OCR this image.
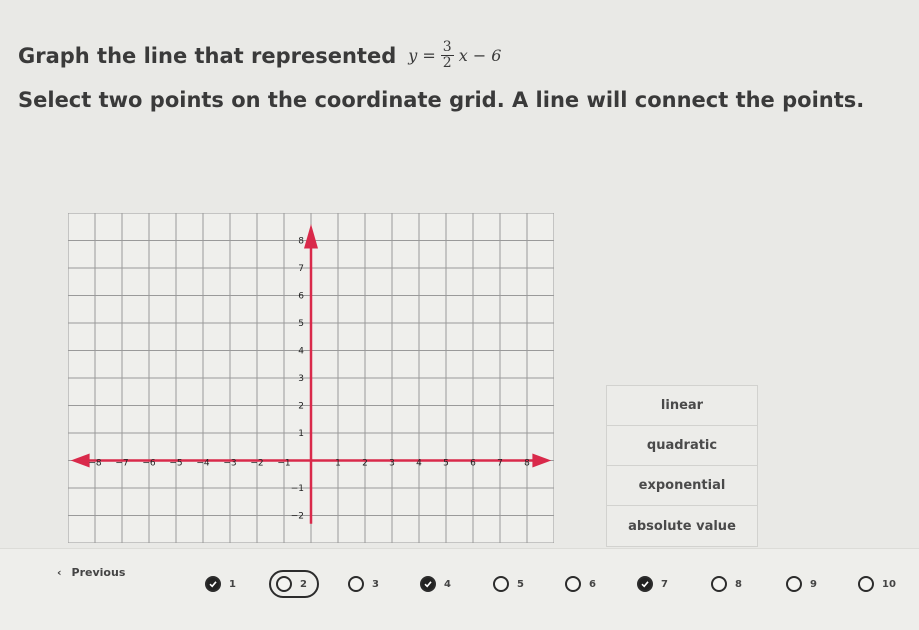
Graph the line that represented $y = \frac{3}{2}$ x − 6
Select two points on the coordinate grid. A line will connect the points.
−8 −7 −6 −5 −4 −3 −2 −1	1 2 3 4 5 6 7 8
8
7
6
5
4
3
2
1
−1
−2
linear
quadratic
exponential
absolute value
‹ Previous
1	2	3	4	5	6	7	8	9	10
